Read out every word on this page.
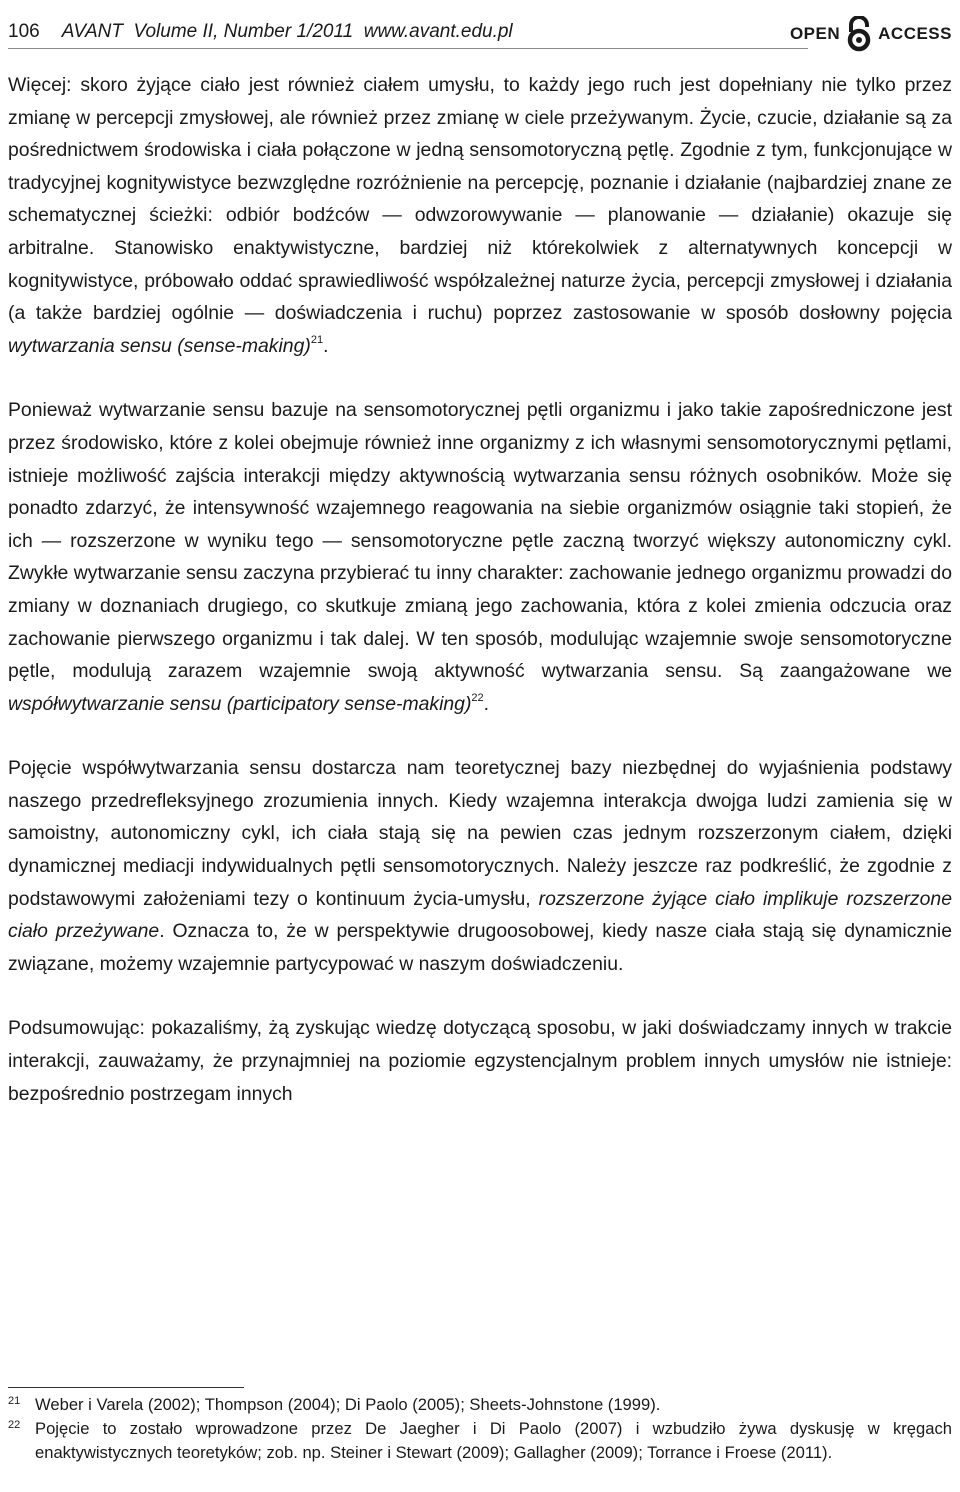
106 AVANT  Volume II, Number 1/2011  www.avant.edu.pl	OPEN ACCESS

Więcej: skoro żyjące ciało jest również ciałem umysłu, to każdy jego ruch jest dopełniany nie tylko przez zmianę w percepcji zmysłowej, ale również przez zmianę w ciele przeżywanym. Życie, czucie, działanie są za pośrednictwem środowiska i ciała połączone w jedną sensomotoryczną pętlę. Zgodnie z tym, funkcjonujące w tradycyjnej kognitywistyce bezwzględne rozróżnienie na percepcję, poznanie i działanie (najbardziej znane ze schematycznej ścieżki: odbiór bodźców — odwzorowywanie — planowanie — działanie) okazuje się arbitralne. Stanowisko enaktywistyczne, bardziej niż którekolwiek z alternatywnych koncepcji w kognitywistyce, próbowało oddać sprawiedliwość współzależnej naturze życia, percepcji zmysłowej i działania (a także bardziej ogólnie — doświadczenia i ruchu) poprzez zastosowanie w sposób dosłowny pojęcia wytwarzania sensu (sense-making)$^{21}$.

Ponieważ wytwarzanie sensu bazuje na sensomotorycznej pętli organizmu i jako takie zapośredniczone jest przez środowisko, które z kolei obejmuje również inne organizmy z ich własnymi sensomotorycznymi pętlami, istnieje możliwość zajścia interakcji między aktywnością wytwarzania sensu różnych osobników. Może się ponadto zdarzyć, że intensywność wzajemnego reagowania na siebie organizmów osiągnie taki stopień, że ich — rozszerzone w wyniku tego — sensomotoryczne pętle zaczną tworzyć większy autonomiczny cykl. Zwykłe wytwarzanie sensu zaczyna przybierać tu inny charakter: zachowanie jednego organizmu prowadzi do zmiany w doznaniach drugiego, co skutkuje zmianą jego zachowania, która z kolei zmienia odczucia oraz zachowanie pierwszego organizmu i tak dalej. W ten sposób, modulując wzajemnie swoje sensomotoryczne pętle, modulują zarazem wzajemnie swoją aktywność wytwarzania sensu. Są zaangażowane we współwytwarzanie sensu (participatory sense-making)$^{22}$.

Pojęcie współwytwarzania sensu dostarcza nam teoretycznej bazy niezbędnej do wyjaśnienia podstawy naszego przedrefleksyjnego zrozumienia innych. Kiedy wzajemna interakcja dwojga ludzi zamienia się w samoistny, autonomiczny cykl, ich ciała stają się na pewien czas jednym rozszerzonym ciałem, dzięki dynamicznej mediacji indywidualnych pętli sensomotorycznych. Należy jeszcze raz podkreślić, że zgodnie z podstawowymi założeniami tezy o kontinuum życia-umysłu, rozszerzone żyjące ciało implikuje rozszerzone ciało przeżywane. Oznacza to, że w perspektywie drugoosobowej, kiedy nasze ciała stają się dynamicznie związane, możemy wzajemnie partycypować w naszym doświadczeniu.

Podsumowując: pokazaliśmy, żą zyskując wiedzę dotyczącą sposobu, w jaki doświadczamy innych w trakcie interakcji, zauważamy, że przynajmniej na poziomie egzystencjalnym problem innych umysłów nie istnieje: bezpośrednio postrzegam innych

21 Weber i Varela (2002); Thompson (2004); Di Paolo (2005); Sheets-Johnstone (1999).

22 Pojęcie to zostało wprowadzone przez De Jaegher i Di Paolo (2007) i wzbudziło żywa dyskusję w kręgach enaktywistycznych teoretyków; zob. np. Steiner i Stewart (2009); Gallagher (2009); Torrance i Froese (2011).
